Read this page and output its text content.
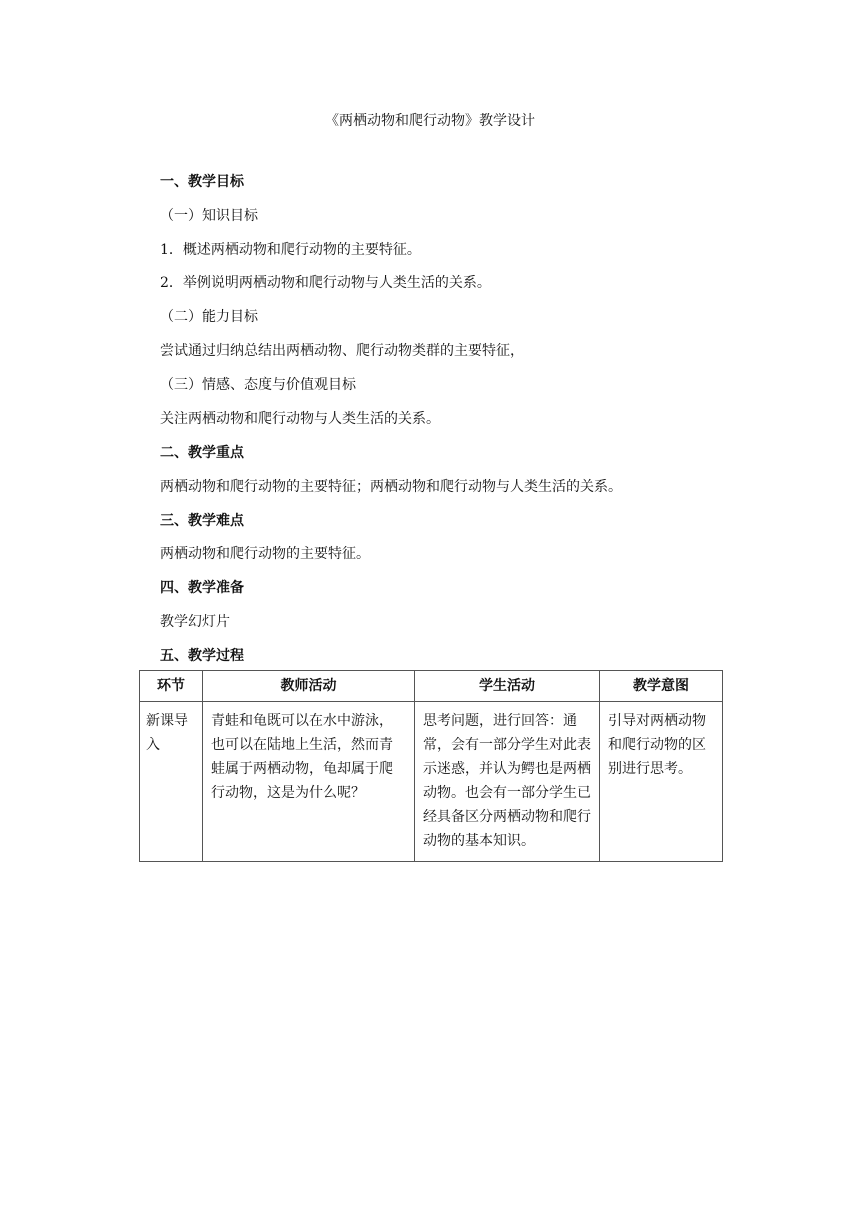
《两栖动物和爬行动物》教学设计
一、教学目标
（一）知识目标
1．概述两栖动物和爬行动物的主要特征。
2．举例说明两栖动物和爬行动物与人类生活的关系。
（二）能力目标
尝试通过归纳总结出两栖动物、爬行动物类群的主要特征，
（三）情感、态度与价值观目标
关注两栖动物和爬行动物与人类生活的关系。
二、教学重点
两栖动物和爬行动物的主要特征；两栖动物和爬行动物与人类生活的关系。
三、教学难点
两栖动物和爬行动物的主要特征。
四、教学准备
教学幻灯片
五、教学过程
环节	教师活动	学生活动	教学意图
新课导入	青蛙和龟既可以在水中游泳，也可以在陆地上生活，然而青蛙属于两栖动物，龟却属于爬行动物，这是为什么呢？	思考问题，进行回答：通常，会有一部分学生对此表示迷惑，并认为鳄也是两栖动物。也会有一部分学生已经具备区分两栖动物和爬行动物的基本知识。	引导对两栖动物和爬行动物的区别进行思考。
